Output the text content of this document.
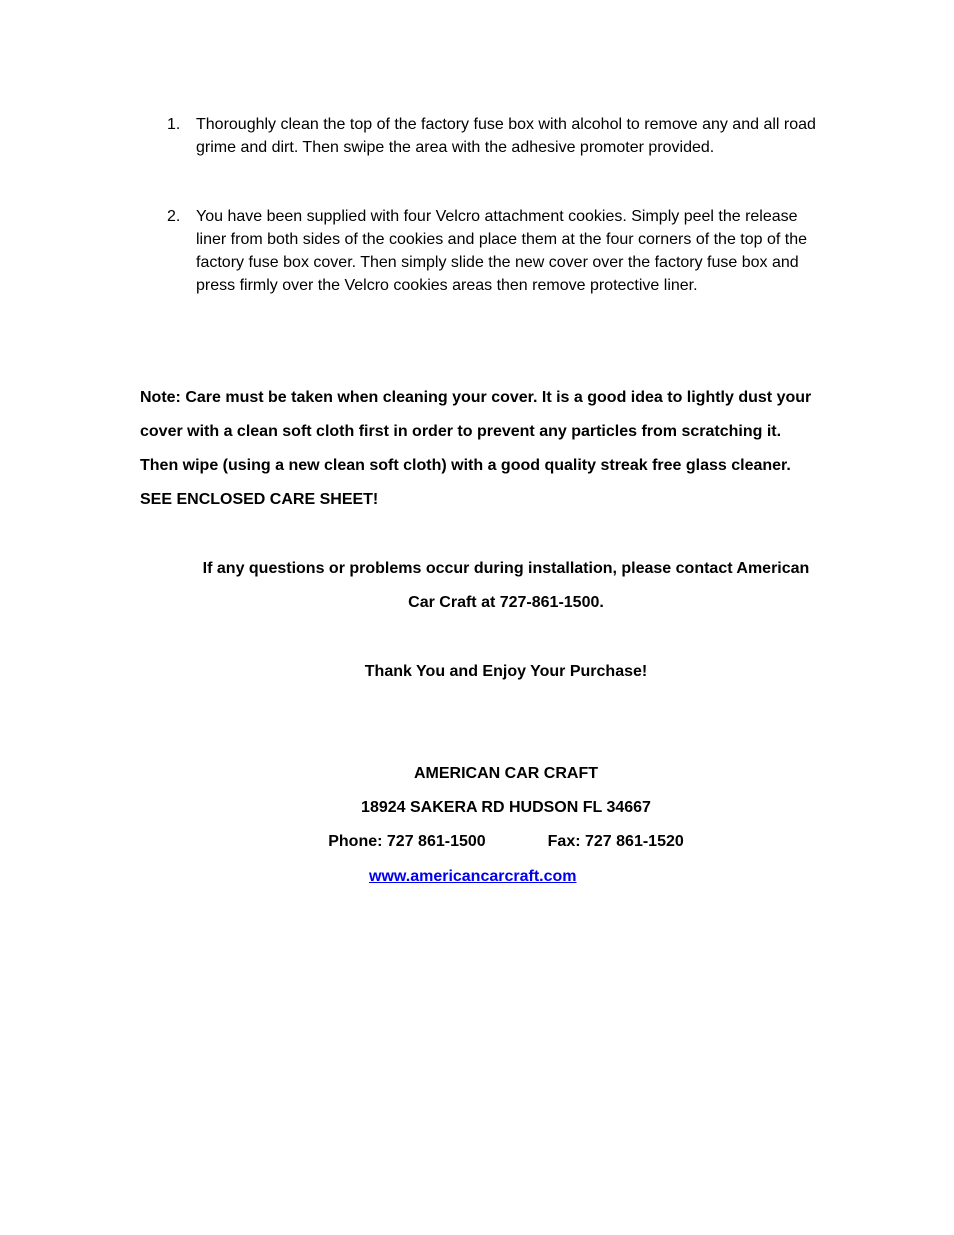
1. Thoroughly clean the top of the factory fuse box with alcohol to remove any and all road grime and dirt. Then swipe the area with the adhesive promoter provided.
2. You have been supplied with four Velcro attachment cookies. Simply peel the release liner from both sides of the cookies and place them at the four corners of the top of the factory fuse box cover. Then simply slide the new cover over the factory fuse box and press firmly over the Velcro cookies areas then remove protective liner.

Note: Care must be taken when cleaning your cover. It is a good idea to lightly dust your cover with a clean soft cloth first in order to prevent any particles from scratching it. Then wipe (using a new clean soft cloth) with a good quality streak free glass cleaner. SEE ENCLOSED CARE SHEET!

If any questions or problems occur during installation, please contact American Car Craft at 727-861-1500.

Thank You and Enjoy Your Purchase!

AMERICAN CAR CRAFT
18924 SAKERA RD HUDSON FL 34667
Phone: 727 861-1500	Fax: 727 861-1520
www.americancarcraft.com
